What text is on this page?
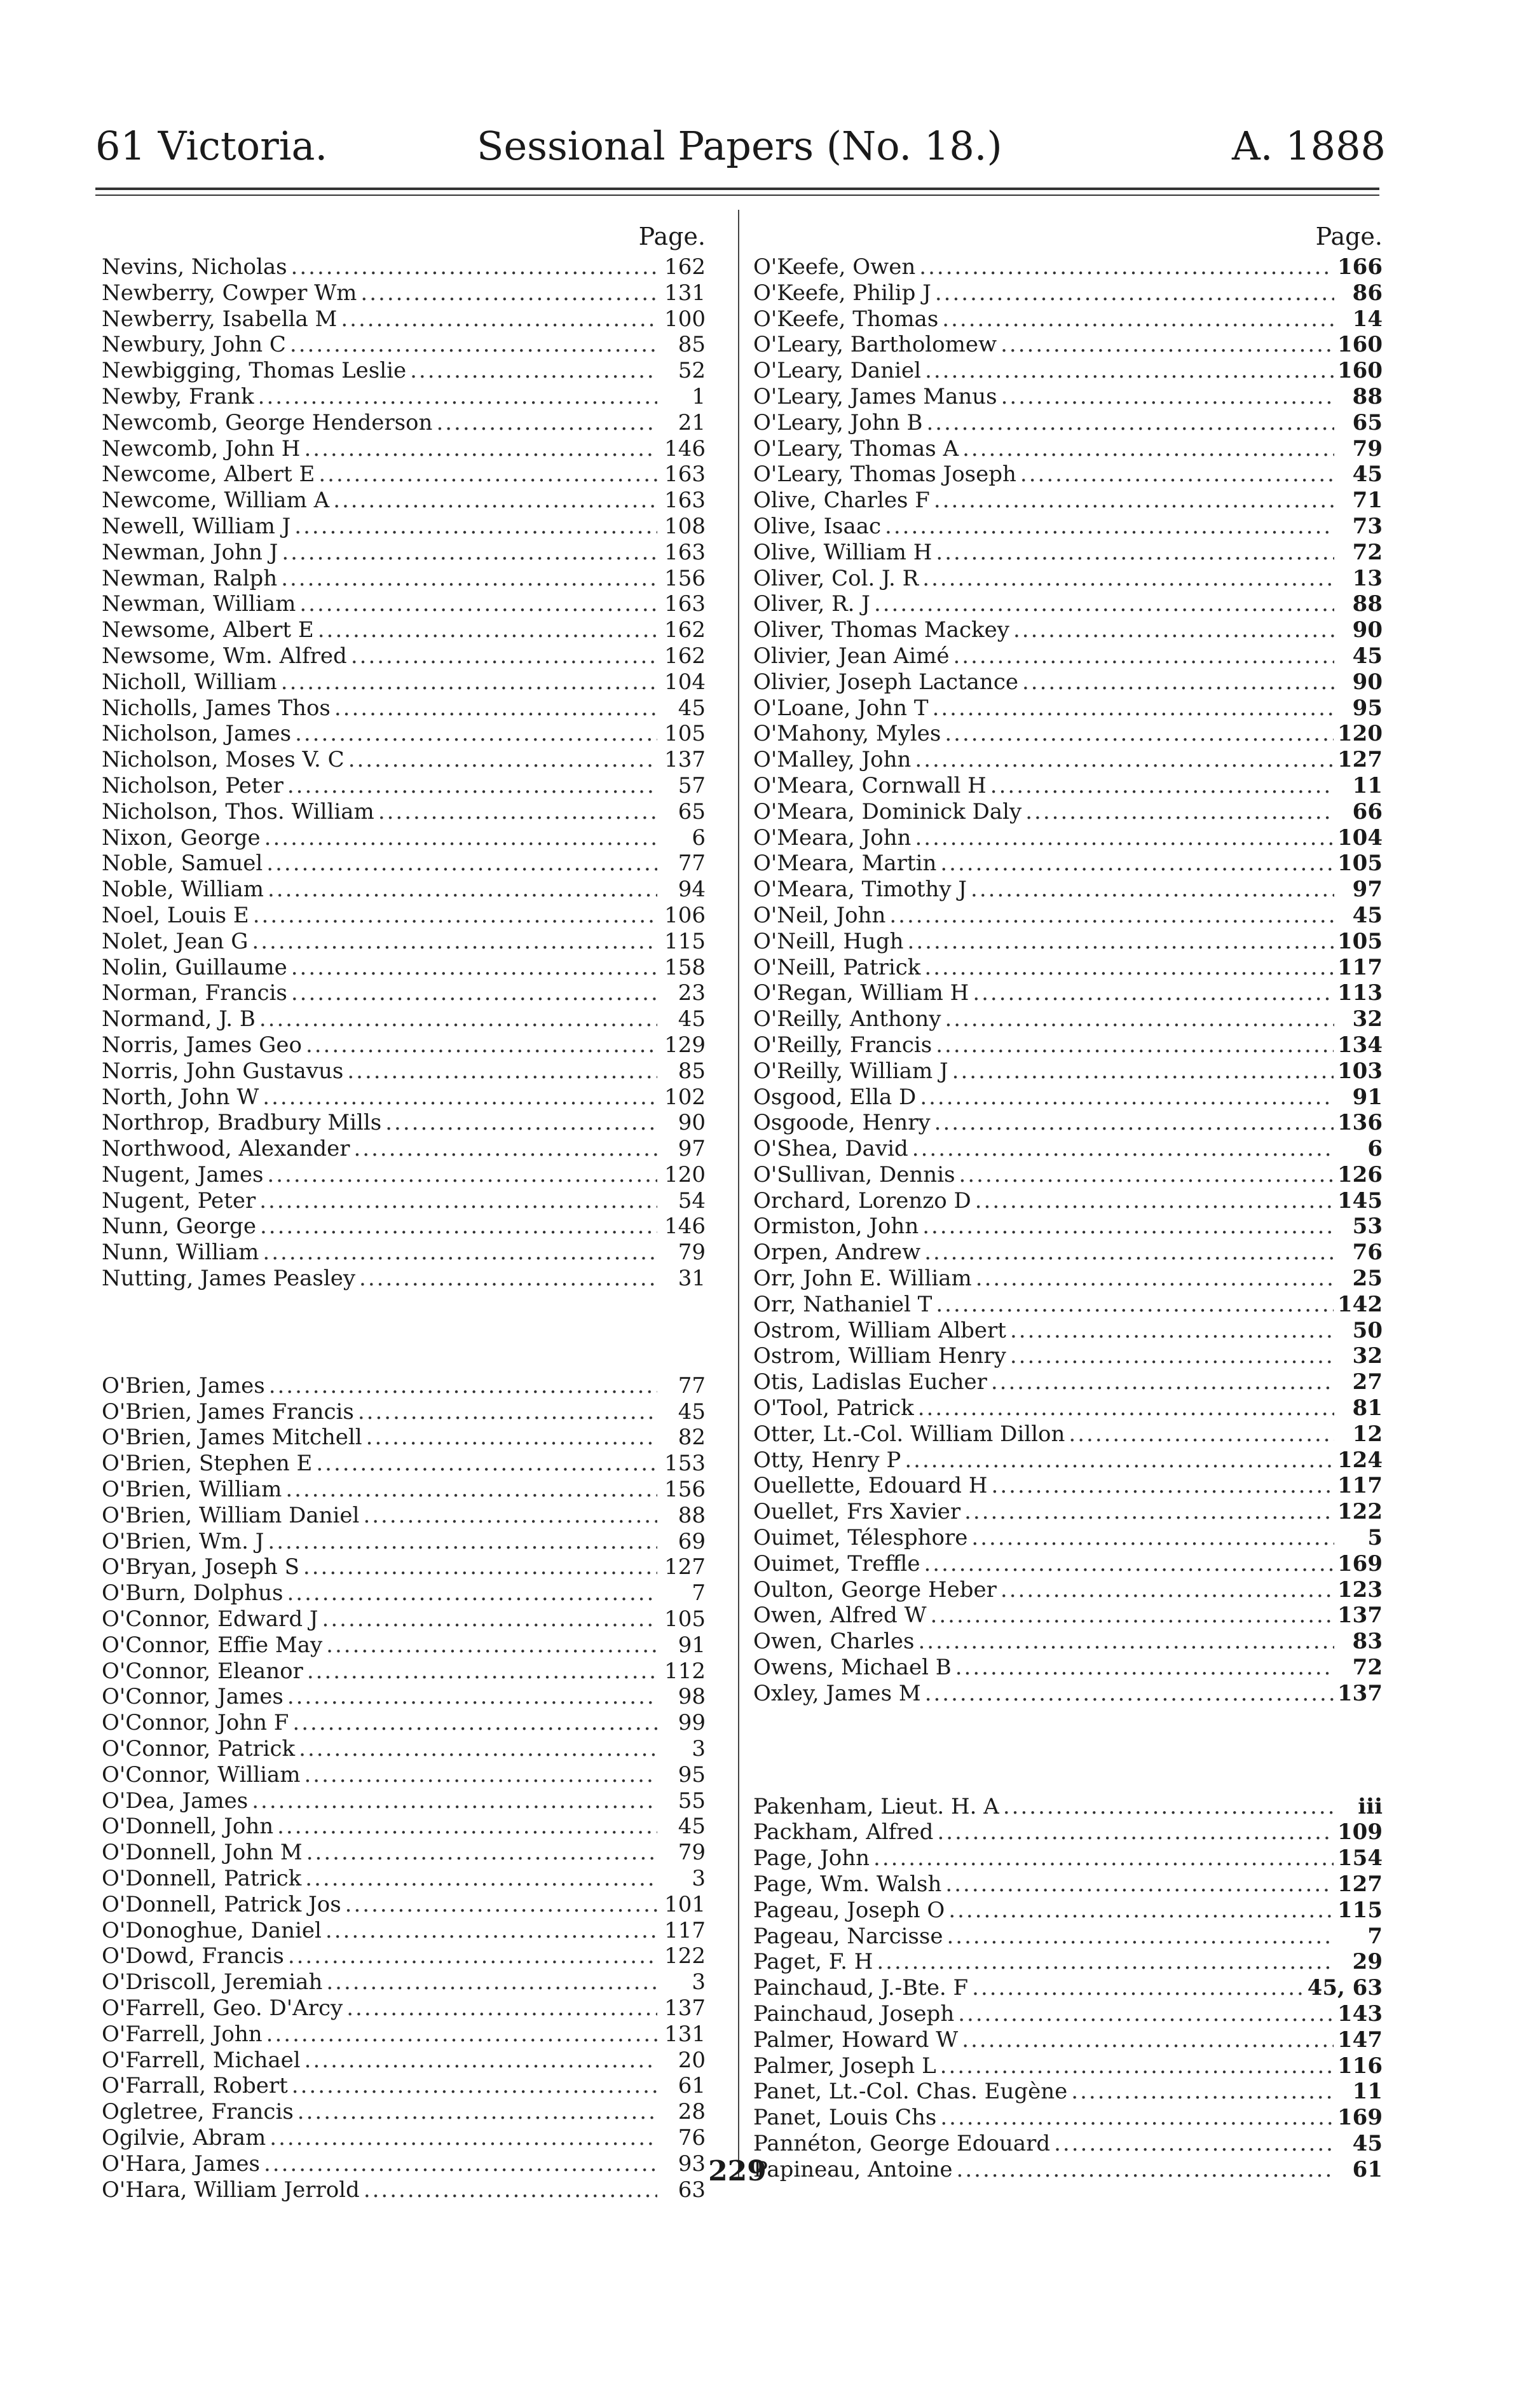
61 Victoria.	Sessional Papers (No. 18.)	A. 1888
Page.
Nevins, Nicholas .....	162
Newberry, Cowper Wm .....	131
Newberry, Isabella M .....	100
Newbury, John C .....	85
Newbigging, Thomas Leslie .....	52
Newby, Frank .....	1
Newcomb, George Henderson .....	21
Newcomb, John H .....	146
Newcome, Albert E .....	163
Newcome, William A .....	163
Newell, William J .....	108
Newman, John J .....	163
Newman, Ralph .....	156
Newman, William .....	163
Newsome, Albert E .....	162
Newsome, Wm. Alfred .....	162
Nicholl, William .....	104
Nicholls, James Thos .....	45
Nicholson, James .....	105
Nicholson, Moses V. C .....	137
Nicholson, Peter .....	57
Nicholson, Thos. William .....	65
Nixon, George .....	6
Noble, Samuel .....	77
Noble, William .....	94
Noel, Louis E .....	106
Nolet, Jean G .....	115
Nolin, Guillaume .....	158
Norman, Francis .....	23
Normand, J. B .....	45
Norris, James Geo .....	129
Norris, John Gustavus .....	85
North, John W .....	102
Northrop, Bradbury Mills .....	90
Northwood, Alexander .....	97
Nugent, James .....	120
Nugent, Peter .....	54
Nunn, George .....	146
Nunn, William .....	79
Nutting, James Peasley .....	31
O'Brien, James .....	77
O'Brien, James Francis .....	45
O'Brien, James Mitchell .....	82
O'Brien, Stephen E .....	153
O'Brien, William .....	156
O'Brien, William Daniel .....	88
O'Brien, Wm. J .....	69
O'Bryan, Joseph S .....	127
O'Burn, Dolphus .....	7
O'Connor, Edward J .....	105
O'Connor, Effie May .....	91
O'Connor, Eleanor .....	112
O'Connor, James .....	98
O'Connor, John F .....	99
O'Connor, Patrick .....	3
O'Connor, William .....	95
O'Dea, James .....	55
O'Donnell, John .....	45
O'Donnell, John M .....	79
O'Donnell, Patrick .....	3
O'Donnell, Patrick Jos .....	101
O'Donoghue, Daniel .....	117
O'Dowd, Francis .....	122
O'Driscoll, Jeremiah .....	3
O'Farrell, Geo. D'Arcy .....	137
O'Farrell, John .....	131
O'Farrell, Michael .....	20
O'Farrall, Robert .....	61
Ogletree, Francis .....	28
Ogilvie, Abram .....	76
O'Hara, James .....	93
O'Hara, William Jerrold .....	63
Page.
O'Keefe, Owen .....	166
O'Keefe, Philip J .....	86
O'Keefe, Thomas .....	14
O'Leary, Bartholomew .....	160
O'Leary, Daniel .....	160
O'Leary, James Manus .....	88
O'Leary, John B .....	65
O'Leary, Thomas A .....	79
O'Leary, Thomas Joseph .....	45
Olive, Charles F .....	71
Olive, Isaac .....	73
Olive, William H .....	72
Oliver, Col. J. R .....	13
Oliver, R. J .....	88
Oliver, Thomas Mackey .....	90
Olivier, Jean Aimé .....	45
Olivier, Joseph Lactance .....	90
O'Loane, John T .....	95
O'Mahony, Myles .....	120
O'Malley, John .....	127
O'Meara, Cornwall H .....	11
O'Meara, Dominick Daly .....	66
O'Meara, John .....	104
O'Meara, Martin .....	105
O'Meara, Timothy J .....	97
O'Neil, John .....	45
O'Neill, Hugh .....	105
O'Neill, Patrick .....	117
O'Regan, William H .....	113
O'Reilly, Anthony .....	32
O'Reilly, Francis .....	134
O'Reilly, William J .....	103
Osgood, Ella D .....	91
Osgoode, Henry .....	136
O'Shea, David .....	6
O'Sullivan, Dennis .....	126
Orchard, Lorenzo D .....	145
Ormiston, John .....	53
Orpen, Andrew .....	76
Orr, John E. William .....	25
Orr, Nathaniel T .....	142
Ostrom, William Albert .....	50
Ostrom, William Henry .....	32
Otis, Ladislas Eucher .....	27
O'Tool, Patrick .....	81
Otter, Lt.-Col. William Dillon .....	12
Otty, Henry P .....	124
Ouellette, Edouard H .....	117
Ouellet, Frs Xavier .....	122
Ouimet, Télesphore .....	5
Ouimet, Treffle .....	169
Oulton, George Heber .....	123
Owen, Alfred W .....	137
Owen, Charles .....	83
Owens, Michael B .....	72
Oxley, James M .....	137
Pakenham, Lieut. H. A .....	iii
Packham, Alfred .....	109
Page, John .....	154
Page, Wm. Walsh .....	127
Pageau, Joseph O .....	115
Pageau, Narcisse .....	7
Paget, F. H .....	29
Painchaud, J.-Bte. F .....	45, 63
Painchaud, Joseph .....	143
Palmer, Howard W .....	147
Palmer, Joseph L .....	116
Panet, Lt.-Col. Chas. Eugène .....	11
Panet, Louis Chs .....	169
Pannéton, George Edouard .....	45
Papineau, Antoine .....	61
229
